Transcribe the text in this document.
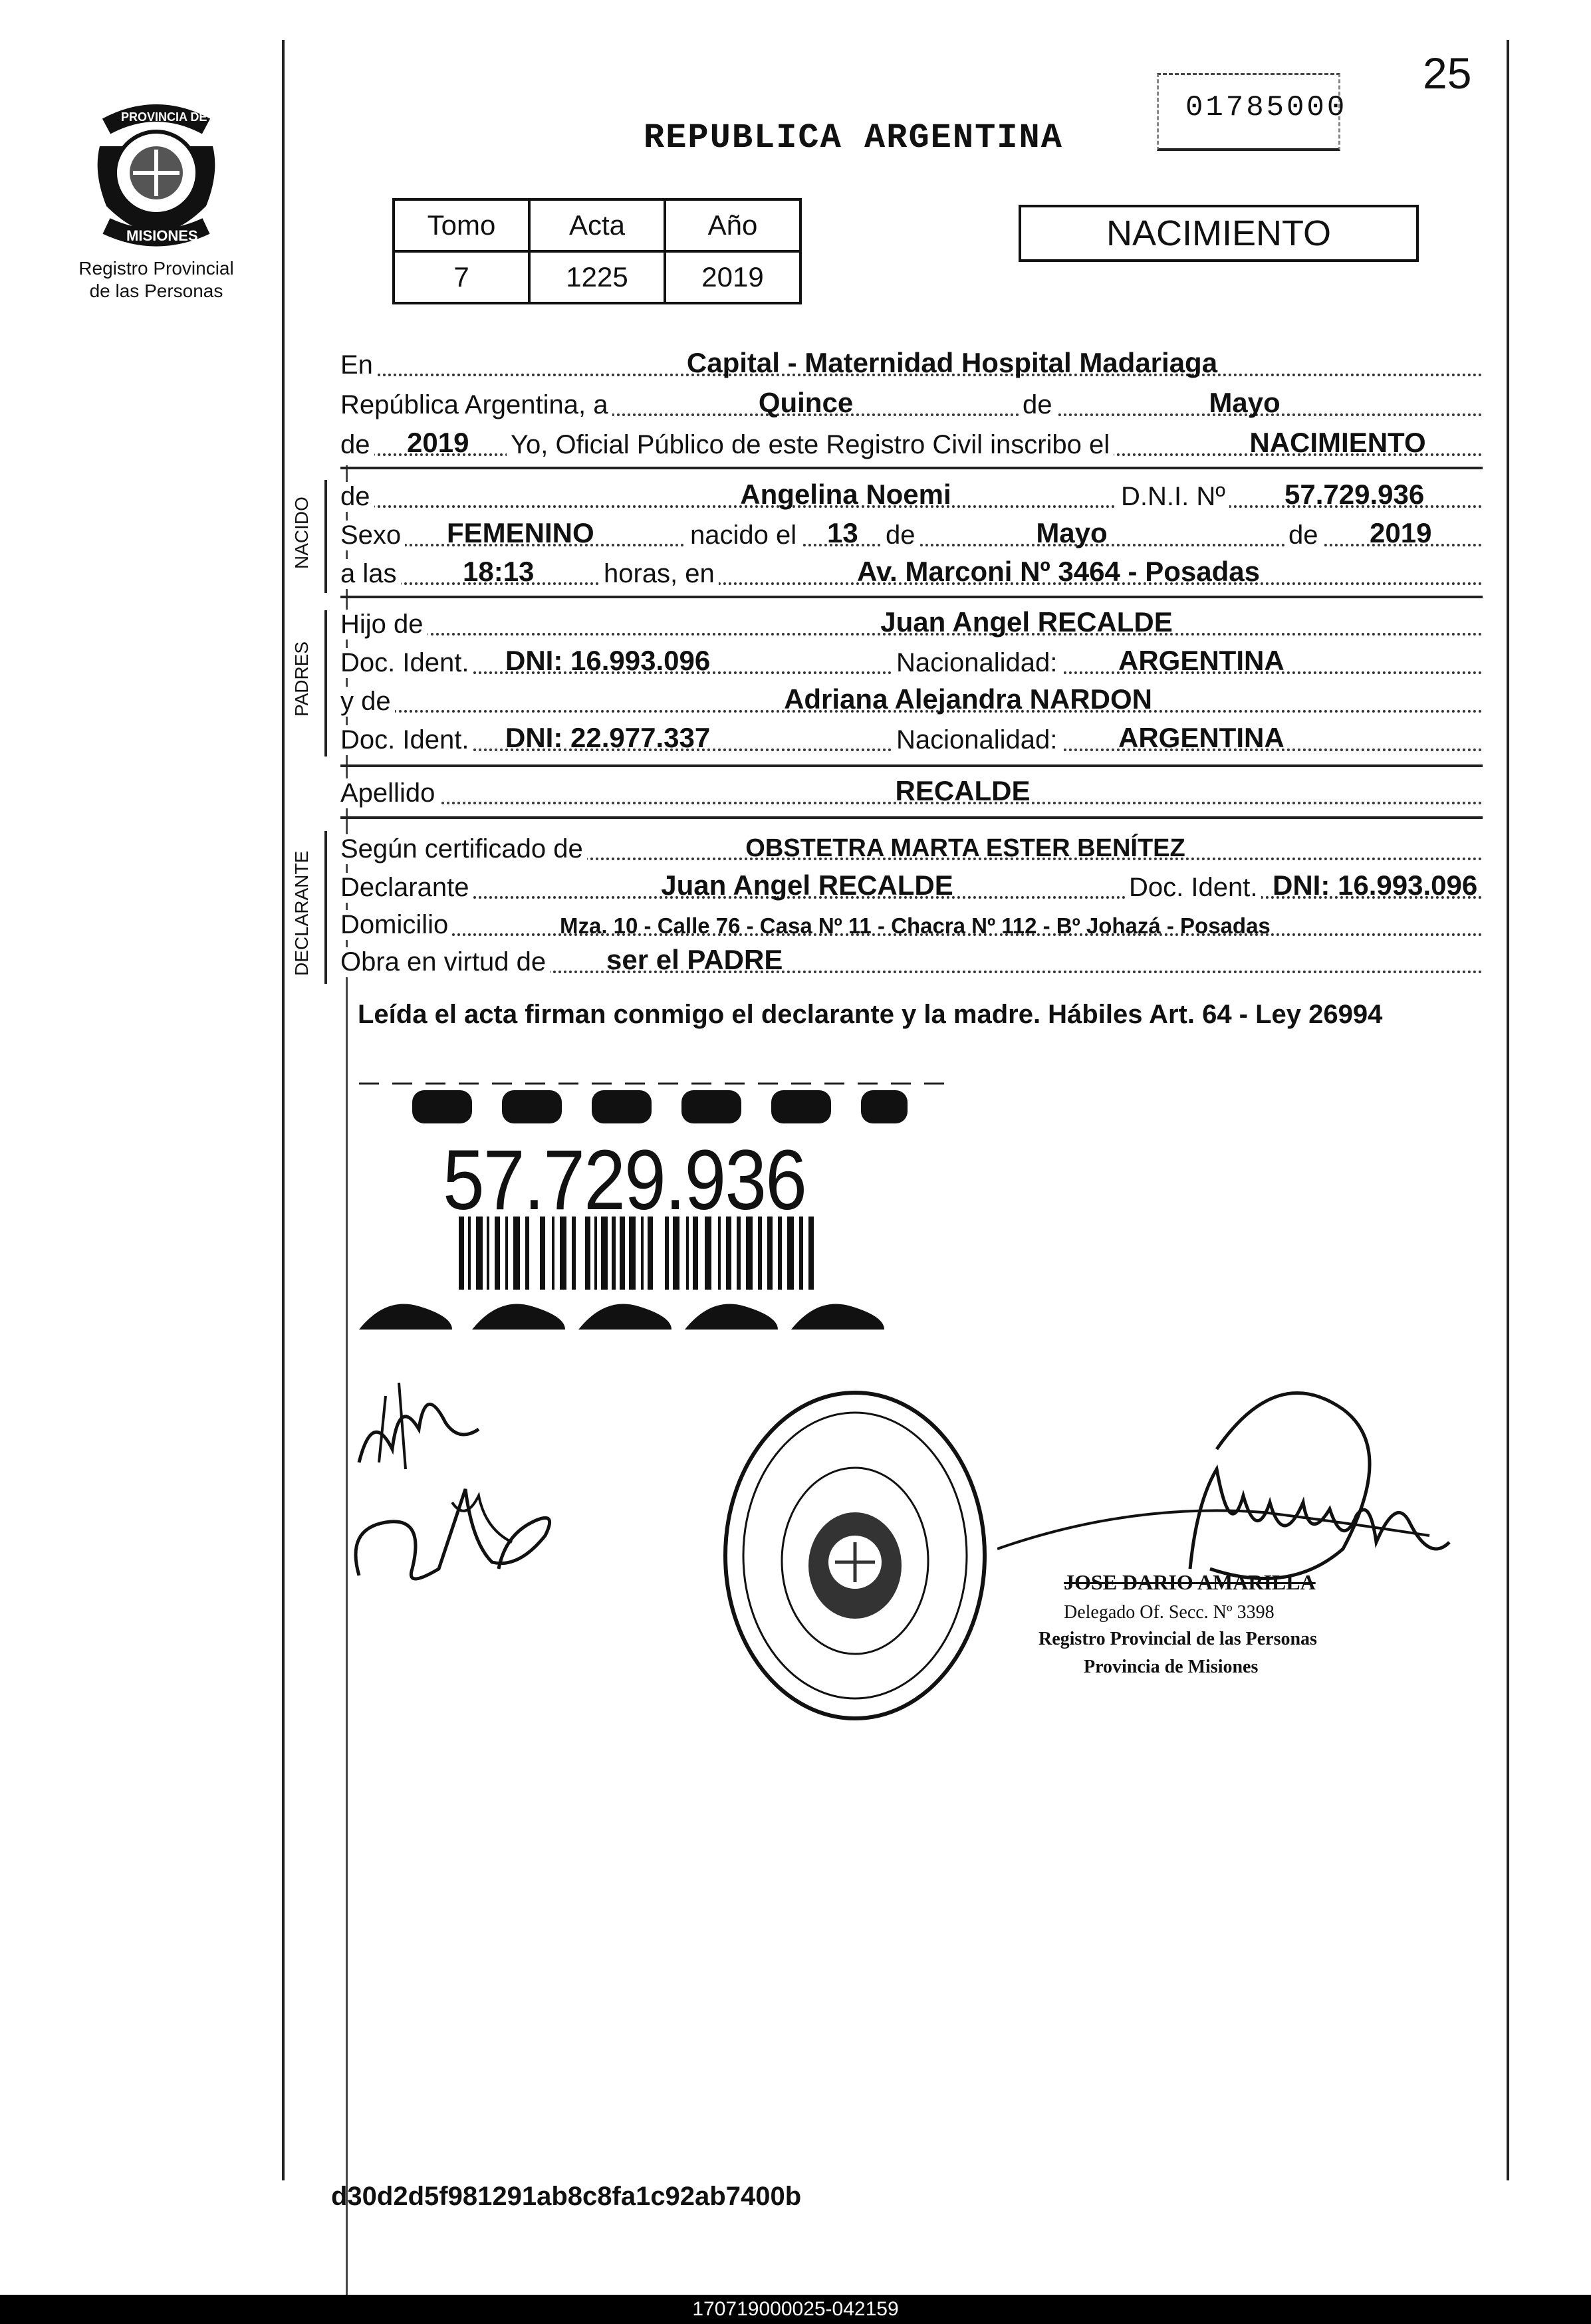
PROVINCIA DE
MISIONES
Registro Provincial
de las Personas
25
01785000
REPUBLICA ARGENTINA
Tomo	Acta	Año
7	1225	2019
NACIMIENTO
En	Capital - Maternidad Hospital Madariaga
República Argentina, a	Quince	de	Mayo
de 2019 Yo, Oficial Público de este Registro Civil inscribo el	NACIMIENTO
NACIDO
de	Angelina Noemi	D.N.I. Nº 57.729.936
Sexo FEMENINO	nacido el 13 de	Mayo	de 2019
a las 18:13	horas, en	Av. Marconi Nº 3464 - Posadas
PADRES
Hijo de	Juan Angel RECALDE
Doc. Ident. DNI: 16.993.096	Nacionalidad: ARGENTINA
y de	Adriana Alejandra NARDON
Doc. Ident. DNI: 22.977.337	Nacionalidad: ARGENTINA
Apellido	RECALDE
DECLARANTE
Según certificado de	OBSTETRA MARTA ESTER BENÍTEZ
Declarante	Juan Angel RECALDE	Doc. Ident. DNI: 16.993.096
Domicilio	Mza. 10 - Calle 76 - Casa Nº 11 - Chacra Nº 112 - Bº Johazá - Posadas
Obra en virtud de ser el PADRE
Leída el acta firman conmigo el declarante y la madre. Hábiles Art. 64 - Ley 26994
57.729.936
JOSE DARIO AMARILLA
Delegado Of. Secc. Nº 3398
Registro Provincial de las Personas
Provincia de Misiones
d30d2d5f981291ab8c8fa1c92ab7400b
170719000025-042159
